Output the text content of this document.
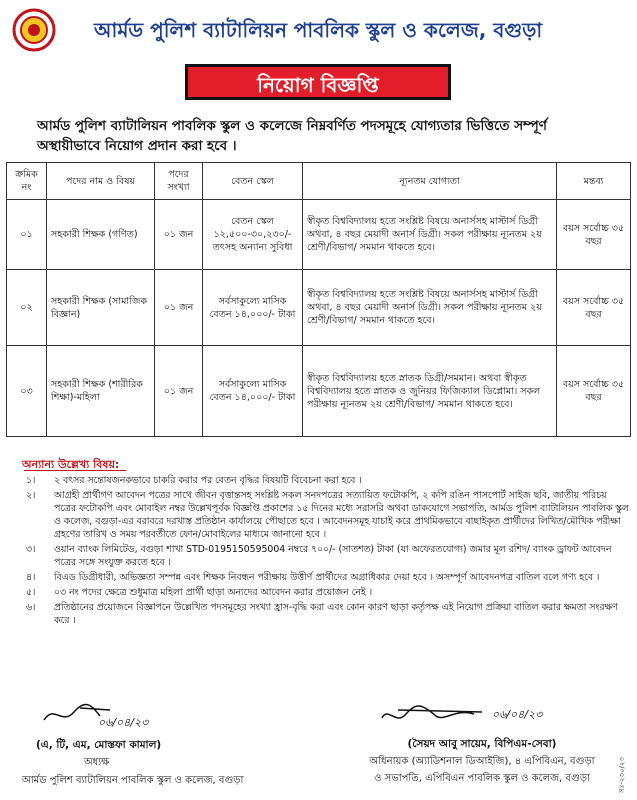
আর্মড পুলিশ ব্যাটালিয়ন পাবলিক স্কুল ও কলেজ, বগুড়া
নিয়োগ বিজ্ঞপ্তি
আর্মড পুলিশ ব্যাটালিয়ন পাবলিক স্কুল ও কলেজে নিম্নবর্ণিত পদসমূহে যোগ্যতার ভিত্তিতে সম্পূর্ণ অস্থায়ীভাবে নিয়োগ প্রদান করা হবে ।
ক্রমিক নং	পদের নাম ও বিষয়	পদের সংখ্যা	বেতন স্কেল	ন্যূনতম যোগ্যতা	মন্তব্য
০১	সহকারী শিক্ষক (গণিত)	০১ জন	বেতন স্কেল ১২,৫০০-৩০,২৩০/- তৎসহ অন্যান্য সুবিধা	স্বীকৃত বিশ্ববিদ্যালয় হতে সংশ্লিষ্ট বিষয়ে অনার্সসহ মাস্টার্স ডিগ্রী অথবা, ৪ বছর মেয়াদী অনার্স ডিগ্রী। সকল পরীক্ষায় ন্যূনতম ২য় শ্রেণী/বিভাগ/ সমমান থাকতে হবে।	বয়স সর্বোচ্চ ৩৫ বছর
০২	সহকারী শিক্ষক (সামাজিক বিজ্ঞান)	০১ জন	সর্বসাকুল্যে মাসিক বেতন ১৪,০০০/- টাকা	স্বীকৃত বিশ্ববিদ্যালয় হতে সংশ্লিষ্ট বিষয়ে অনার্সসহ মাস্টার্স ডিগ্রী অথবা, ৪ বছর মেয়াদী অনার্স ডিগ্রী। সকল পরীক্ষায় ন্যূনতম ২য় শ্রেণী/বিভাগ/ সমমান থাকতে হবে।	বয়স সর্বোচ্চ ৩৫ বছর
০৩	সহকারী শিক্ষক (শারীরিক শিক্ষা)-মহিলা	০১ জন	সর্বসাকুল্যে মাসিক বেতন ১৪,০০০/- টাকা	স্বীকৃত বিশ্ববিদ্যালয় হতে স্নাতক ডিগ্রী/সমমান। অথবা স্বীকৃত বিশ্ববিদ্যালয় হতে স্নাতক ও জুনিয়র ফিজিক্যাল ডিপ্লোমা। সকল পরীক্ষায় ন্যূনতম ২য় শ্রেণী/বিভাগ/ সমমান থাকতে হবে।	বয়স সর্বোচ্চ ৩৫ বছর
অন্যান্য উল্লেখ্য বিষয়:
১। ২ বৎসর সন্তোষজনকভাবে চাকরি করার পর বেতন বৃদ্ধির বিষয়টি বিবেচনা করা হবে ।
২। আগ্রহী প্রার্থীগণ আবেদন পত্রের সাথে জীবন বৃত্তান্তসহ সংশ্লিষ্ট সকল সনদপত্রের সত্যায়িত ফটোকপি, ২ কপি রঙিন পাসপোর্ট সাইজ ছবি, জাতীয় পরিচয় পত্রের ফটোকপি এবং মোবাইল নম্বর উল্লেখপূর্বক বিজ্ঞপ্তি প্রকাশের ১৫ দিনের মধ্যে সরাসরি অথবা ডাকযোগে সভাপতি, আর্মড পুলিশ ব্যাটালিয়ন পাবলিক স্কুল ও কলেজ, বগুড়া-এর বরাবরে দরখাস্ত প্রতিষ্ঠান কার্যালয়ে পৌছাতে হবে । আবেদনসমূহ যাচাই করে প্রাথমিকভাবে বাছাইকৃত প্রার্থীদের লিখিত/মৌখিক পরীক্ষা গ্রহণের তারিখ ও সময় পরবর্তীতে ফোন/মোবাইলের মাধ্যমে জানানো হবে ।
৩। ওয়ান ব্যাংক লিমিটেড, বগুড়া শাখা STD-0195150595004 নম্বরে ৭০০/- (সাতশত) টাকা (যা অফেরতযোগ্য) জমার মূল রশিদ/ ব্যাংক ড্রাফট আবেদন পত্রের সঙ্গে সংযুক্ত করতে হবে ।
৪। বিএড ডিগ্রীধারী, অভিজ্ঞতা সম্পন্ন এবং শিক্ষক নিবন্ধন পরীক্ষায় উত্তীর্ণ প্রার্থীদের অগ্রাধিকার দেয়া হবে । অসম্পূর্ণ আবেদনপত্র বাতিল বলে গণ্য হবে ।
৫। ০৩ নং পদের ক্ষেত্রে শুধুমাত্র মহিলা প্রার্থী ছাড়া অন্যদের আবেদন করার প্রয়োজন নেই ।
৬। প্রতিষ্ঠানের প্রয়োজনে বিজ্ঞাপনে উল্লেখিত পদসমূহের সংখ্যা হ্রাস-বৃদ্ধি করা এবং কোন কারণ ছাড়া কর্তৃপক্ষ এই নিয়োগ প্রক্রিয়া বাতিল করার ক্ষমতা সংরক্ষণ করে ।
০৬/০৪/২৩
০৬/০৪/২৩
(এ, টি, এম, মোস্তফা কামাল)
অধ্যক্ষ
আর্মড পুলিশ ব্যাটালিয়ন পাবলিক স্কুল ও কলেজ, বগুড়া
(সৈয়দ আবু সায়েম, বিপিএম-সেবা)
অধিনায়ক (অ্যাডিশনাল ডিআইজি), ৪ এপিবিএন, বগুড়া
ও সভাপতি, এপিবিএন পাবলিক স্কুল ও কলেজ, বগুড়া	সঃ-২৩০/২৩
